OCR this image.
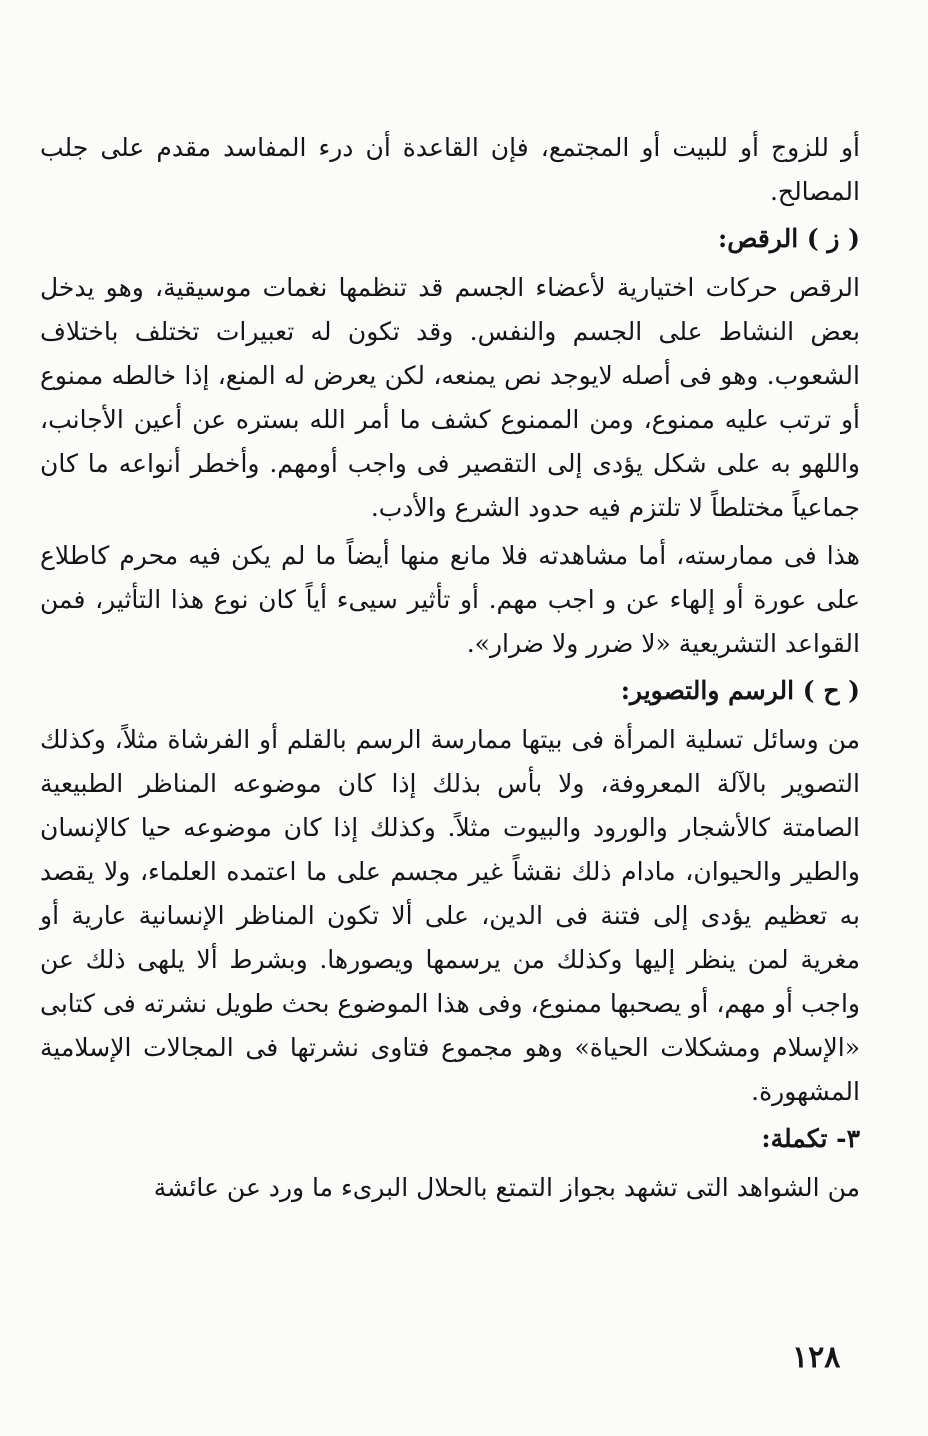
أو للزوج أو للبيت أو المجتمع، فإن القاعدة أن درء المفاسد مقدم على جلب المصالح.

( ز ) الرقص:

الرقص حركات اختيارية لأعضاء الجسم قد تنظمها نغمات موسيقية، وهو يدخل بعض النشاط على الجسم والنفس. وقد تكون له تعبيرات تختلف باختلاف الشعوب. وهو فى أصله لايوجد نص يمنعه، لكن يعرض له المنع، إذا خالطه ممنوع أو ترتب عليه ممنوع، ومن الممنوع كشف ما أمر الله بستره عن أعين الأجانب، واللهو به على شكل يؤدى إلى التقصير فى واجب أومهم. وأخطر أنواعه ما كان جماعياً مختلطاً لا تلتزم فيه حدود الشرع والأدب.

هذا فى ممارسته، أما مشاهدته فلا مانع منها أيضاً ما لم يكن فيه محرم كاطلاع على عورة أو إلهاء عن و اجب مهم. أو تأثير سيىء أياً كان نوع هذا التأثير، فمن القواعد التشريعية «لا ضرر ولا ضرار».

( ح ) الرسم والتصوير:

من وسائل تسلية المرأة فى بيتها ممارسة الرسم بالقلم أو الفرشاة مثلاً، وكذلك التصوير بالآلة المعروفة، ولا بأس بذلك إذا كان موضوعه المناظر الطبيعية الصامتة كالأشجار والورود والبيوت مثلاً. وكذلك إذا كان موضوعه حيا كالإنسان والطير والحيوان، مادام ذلك نقشاً غير مجسم على ما اعتمده العلماء، ولا يقصد به تعظيم يؤدى إلى فتنة فى الدين، على ألا تكون المناظر الإنسانية عارية أو مغرية لمن ينظر إليها وكذلك من يرسمها ويصورها. وبشرط ألا يلهى ذلك عن واجب أو مهم، أو يصحبها ممنوع، وفى هذا الموضوع بحث طويل نشرته فى كتابى «الإسلام ومشكلات الحياة» وهو مجموع فتاوى نشرتها فى المجالات الإسلامية المشهورة.

٣- تكملة:

من الشواهد التى تشهد بجواز التمتع بالحلال البرىء ما ورد عن عائشة

١٢٨
